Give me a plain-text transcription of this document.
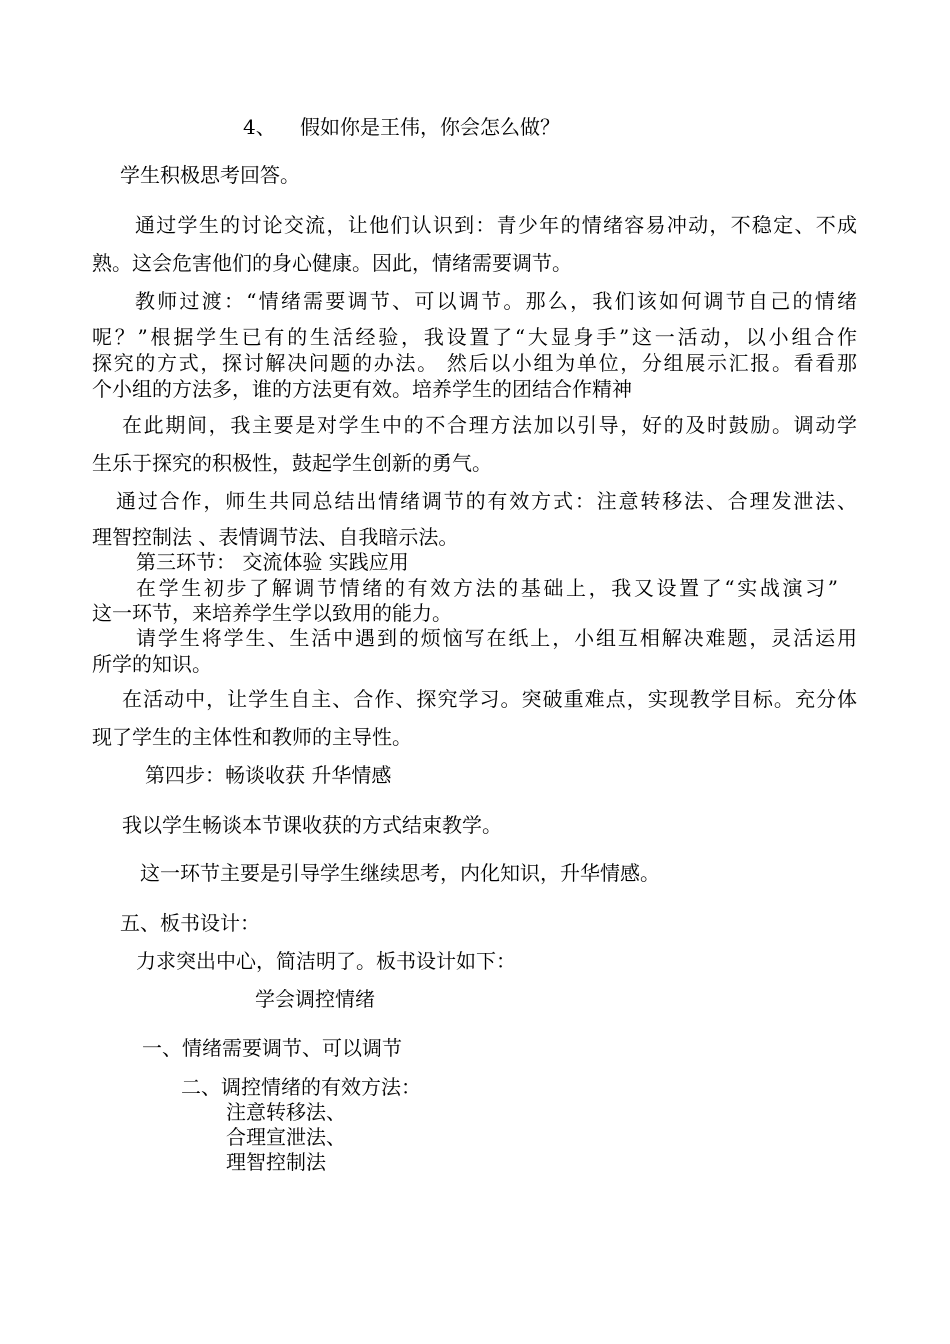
4、 假如你是王伟，你会怎么做？
学生积极思考回答。
通过学生的讨论交流，让他们认识到：青少年的情绪容易冲动，不稳定、不成
熟。这会危害他们的身心健康。因此，情绪需要调节。
教师过渡：“情绪需要调节、可以调节。那么，我们该如何调节自己的情绪
呢？”根据学生已有的生活经验，我设置了“大显身手”这一活动，以小组合作
探究的方式，探讨解决问题的办法。 然后以小组为单位，分组展示汇报。看看那
个小组的方法多，谁的方法更有效。培养学生的团结合作精神
在此期间，我主要是对学生中的不合理方法加以引导，好的及时鼓励。调动学
生乐于探究的积极性，鼓起学生创新的勇气。
通过合作，师生共同总结出情绪调节的有效方式：注意转移法、合理发泄法、
理智控制法 、表情调节法、自我暗示法。
第三环节： 交流体验 实践应用
在学生初步了解调节情绪的有效方法的基础上，我又设置了“实战演习”
这一环节，来培养学生学以致用的能力。
请学生将学生、生活中遇到的烦恼写在纸上，小组互相解决难题，灵活运用
所学的知识。
在活动中，让学生自主、合作、探究学习。突破重难点，实现教学目标。充分体
现了学生的主体性和教师的主导性。
第四步：畅谈收获 升华情感
我以学生畅谈本节课收获的方式结束教学。
这一环节主要是引导学生继续思考，内化知识，升华情感。
五、板书设计：
力求突出中心，简洁明了。板书设计如下：
学会调控情绪
一、情绪需要调节、可以调节
二、调控情绪的有效方法：
注意转移法、
合理宣泄法、
理智控制法
